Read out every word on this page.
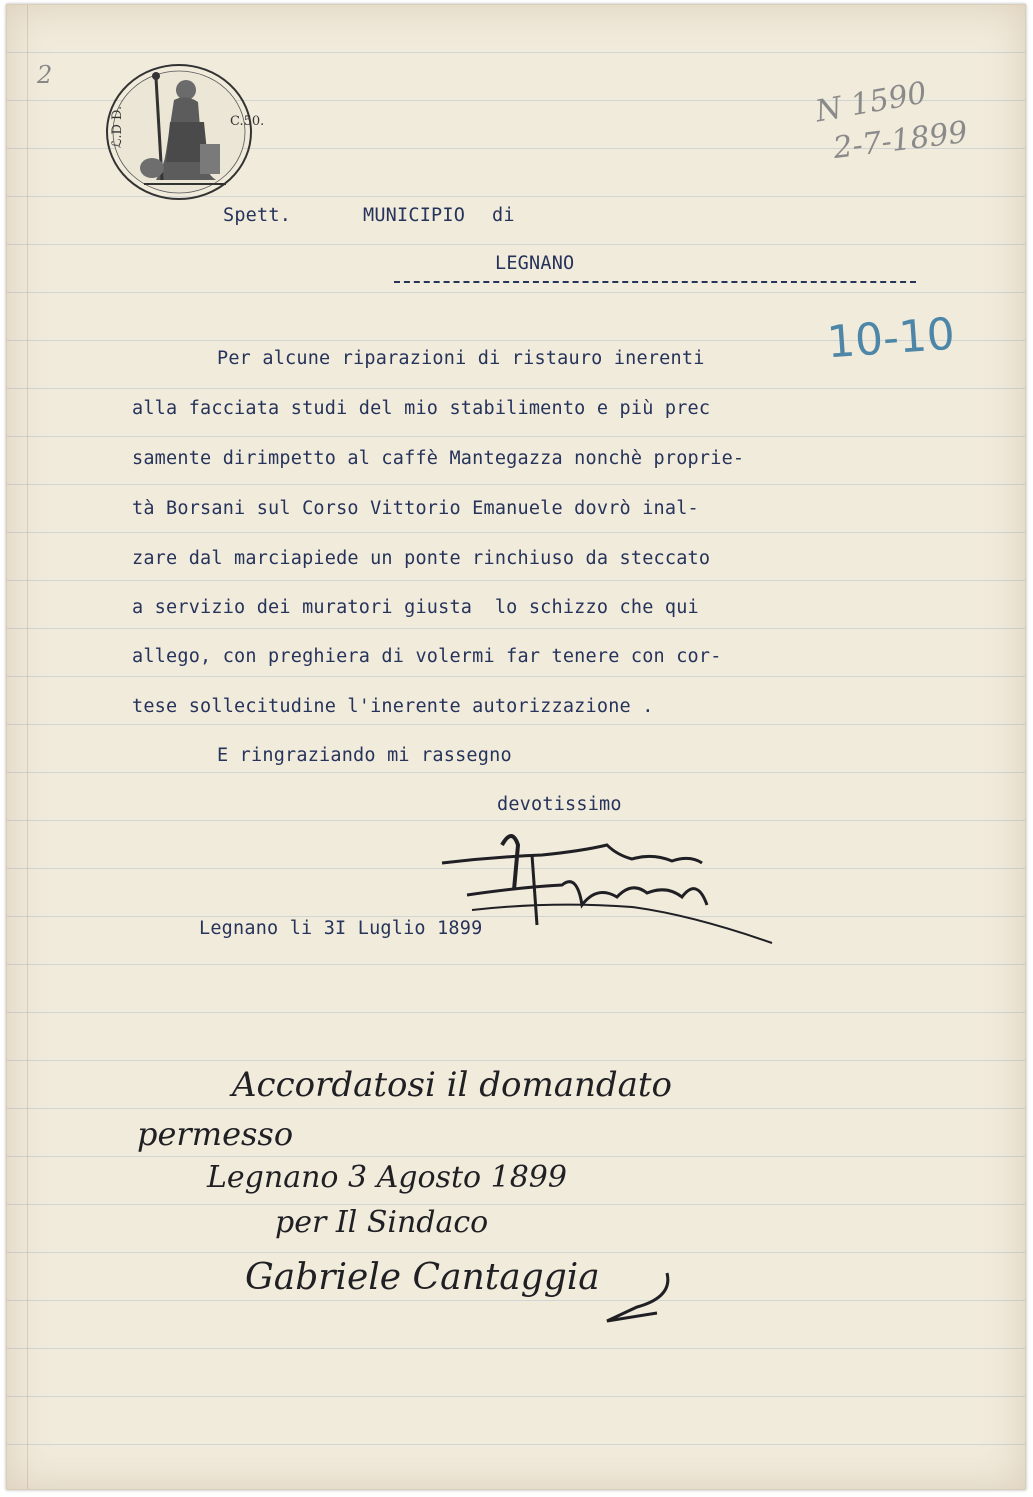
2
ℒ.D D.	C.50.	N 1590
2-7-1899
10-10
Spett.	MUNICIPIO di
LEGNANO
Per alcune riparazioni di ristauro inerenti
alla facciata studi del mio stabilimento e più prec
samente dirimpetto al caffè Mantegazza nonchè proprie-
tà Borsani sul Corso Vittorio Emanuele dovrò inal-
zare dal marciapiede un ponte rinchiuso da steccato
a servizio dei muratori giusta  lo schizzo che qui
allego, con preghiera di volermi far tenere con cor-
tese sollecitudine l'inerente autorizzazione .
E ringraziando mi rassegno
devotissimo
Legnano li 3I Luglio 1899
Accordatosi il domandato
permesso
Legnano 3 Agosto 1899
per Il Sindaco
Gabriele Cantaggia
